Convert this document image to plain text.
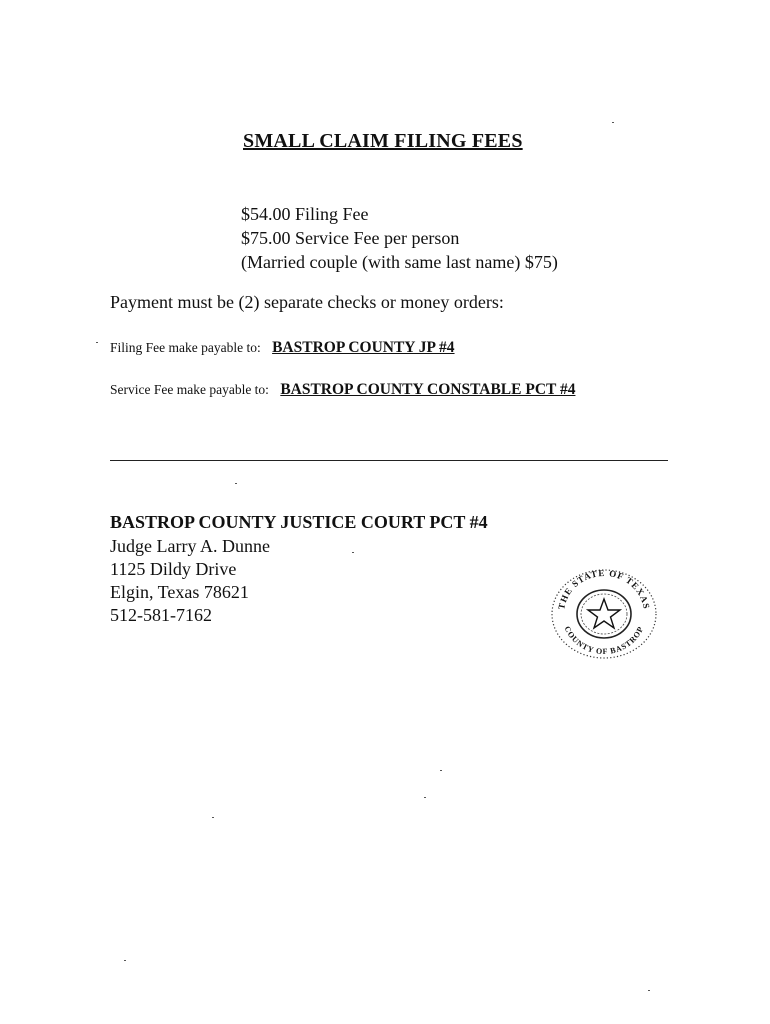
SMALL CLAIM FILING FEES
$54.00 Filing Fee
$75.00 Service Fee per person
(Married couple (with same last name) $75)
Payment must be (2) separate checks or money orders:
Filing Fee make payable to: BASTROP COUNTY JP #4
Service Fee make payable to: BASTROP COUNTY CONSTABLE PCT #4
BASTROP COUNTY JUSTICE COURT PCT #4
Judge Larry A. Dunne
1125 Dildy Drive
Elgin, Texas 78621
512-581-7162	THE STATE OF TEXAS
COUNTY OF BASTROP
